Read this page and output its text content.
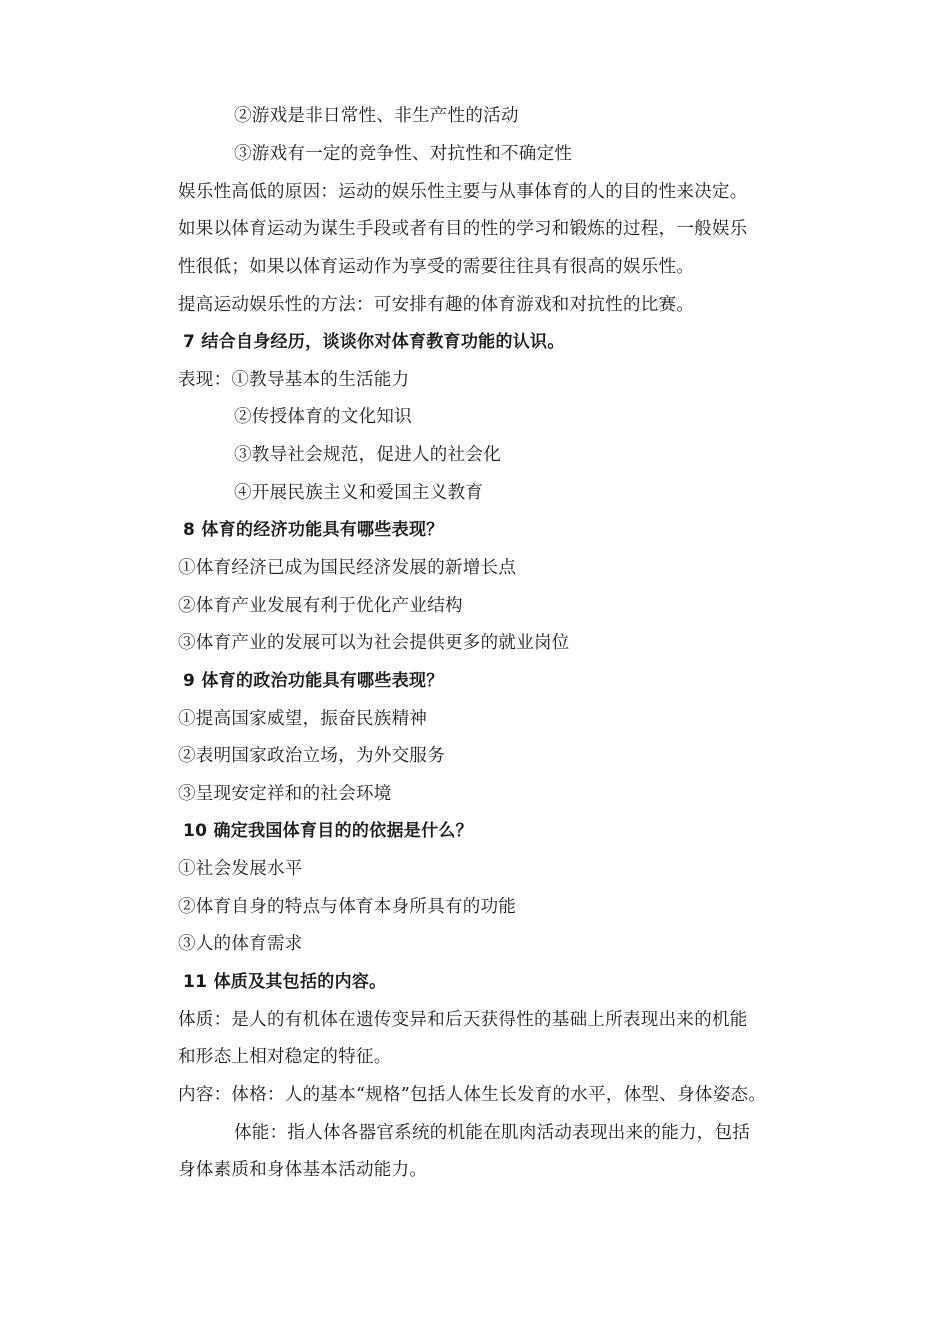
②游戏是非日常性、非生产性的活动
③游戏有一定的竞争性、对抗性和不确定性
娱乐性高低的原因：运动的娱乐性主要与从事体育的人的目的性来决定。
如果以体育运动为谋生手段或者有目的性的学习和锻炼的过程，一般娱乐
性很低；如果以体育运动作为享受的需要往往具有很高的娱乐性。
提高运动娱乐性的方法：可安排有趣的体育游戏和对抗性的比赛。
7 结合自身经历，谈谈你对体育教育功能的认识。
表现：①教导基本的生活能力
②传授体育的文化知识
③教导社会规范，促进人的社会化
④开展民族主义和爱国主义教育
8 体育的经济功能具有哪些表现？
①体育经济已成为国民经济发展的新增长点
②体育产业发展有利于优化产业结构
③体育产业的发展可以为社会提供更多的就业岗位
9 体育的政治功能具有哪些表现？
①提高国家威望，振奋民族精神
②表明国家政治立场，为外交服务
③呈现安定祥和的社会环境
10 确定我国体育目的的依据是什么？
①社会发展水平
②体育自身的特点与体育本身所具有的功能
③人的体育需求
11 体质及其包括的内容。
体质：是人的有机体在遗传变异和后天获得性的基础上所表现出来的机能
和形态上相对稳定的特征。
内容：体格：人的基本“规格”包括人体生长发育的水平，体型、身体姿态。
体能：指人体各器官系统的机能在肌肉活动表现出来的能力，包括
身体素质和身体基本活动能力。
